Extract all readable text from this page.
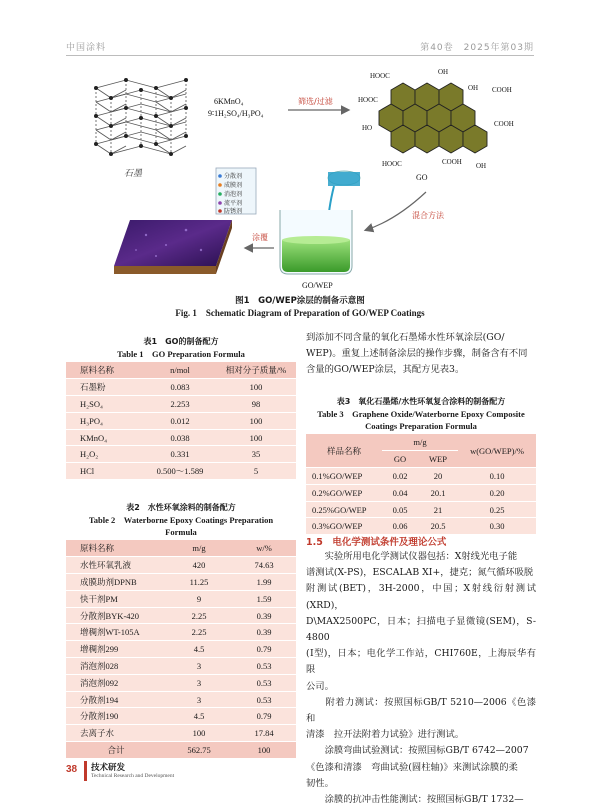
中国涂料	第40卷　2025年第03期
石墨
6KMnO₄
9∶1H₂SO₄/H₃PO₄
筛选/过滤
HOOC	OH
OH COOH
HOOC
COOH
HO
OH
HOOC	COOH
GO
混合方法
分散剂
成膜剂
消泡剂
流平剂
防锈剂
GO/WEP
涂覆
图1　GO/WEP涂层的制备示意图
Fig. 1　Schematic Diagram of Preparation of GO/WEP Coatings
表1　GO的制备配方
Table 1　GO Preparation Formula
原料名称	n/mol	相对分子质量/%
石墨粉	0.083	100
H₂SO₄	2.253	98
H₃PO₄	0.012	100
KMnO₄	0.038	100
H₂O₂	0.331	35
HCl	0.500～1.589	5
表2　水性环氧涂料的制备配方
Table 2　Waterborne Epoxy Coatings Preparation
Formula
原料名称	m/g	w/%
水性环氧乳液	420	74.63
成膜助剂DPNB	11.25	1.99
快干剂PM	9	1.59
分散剂BYK-420	2.25	0.39
增稠剂WT-105A	2.25	0.39
增稠剂299	4.5	0.79
消泡剂028	3	0.53
消泡剂092	3	0.53
分散剂194	3	0.53
分散剂190	4.5	0.79
去离子水	100	17.84
合计	562.75	100
到添加不同含量的氧化石墨烯水性环氧涂层(GO/
WEP)。重复上述制备涂层的操作步骤，制备含有不同
含量的GO/WEP涂层，其配方见表3。
表3　氧化石墨烯/水性环氧复合涂料的制备配方
Table 3　Graphene Oxide/Waterborne Epoxy Composite
Coatings Preparation Formula
样品名称	m/g		w(GO/WEP)/%
	GO	WEP	
0.1%GO/WEP	0.02	20	0.10
0.2%GO/WEP	0.04	20.1	0.20
0.25%GO/WEP	0.05	21	0.25
0.3%GO/WEP	0.06	20.5	0.30
1.5　电化学测试条件及理论公式
　　实验所用电化学测试仪器包括：X射线光电子能
谱测试(X-PS)，ESCALAB XI+，捷克；氮气循环吸脱
附测试(BET)，3H-2000，中国；X射线衍射测试(XRD)，
D\MAX2500PC，日本；扫描电子显微镜(SEM)，S-4800
(Ⅰ型)，日本；电化学工作站，CHI760E，上海辰华有限
公司。
　　附着力测试：按照国标GB/T 5210—2006《色漆和
清漆　拉开法附着力试验》进行测试。
　　涂膜弯曲试验测试：按照国标GB/T 6742—2007
《色漆和清漆　弯曲试验(圆柱轴)》来测试涂膜的柔
韧性。
　　涂膜的抗冲击性能测试：按照国标GB/T 1732—
38 技术研发
Technical Research and Development
